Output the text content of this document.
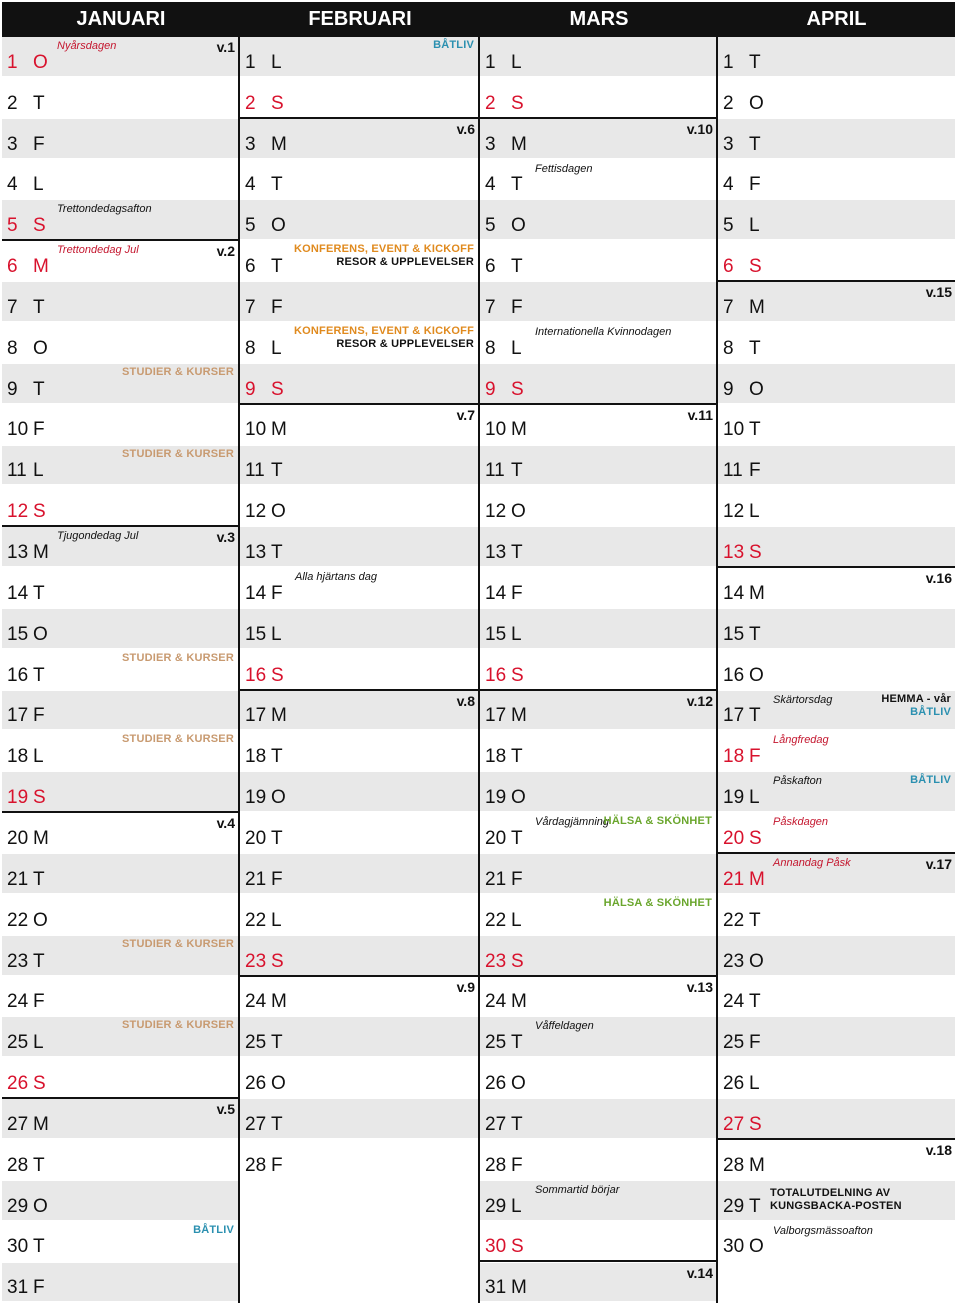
JANUARI
1 O
v.1
Nyårsdagen
2 T
3 F
4 L
5 S
Trettondedagsafton
6 M
v.2
Trettondedag Jul
7 T
8 O
9 T
STUDIER & KURSER
10 F
11 L
STUDIER & KURSER
12 S
13 M
v.3
Tjugondedag Jul
14 T
15 O
16 T
STUDIER & KURSER
17 F
18 L
STUDIER & KURSER
19 S
20 M
v.4
21 T
22 O
23 T
STUDIER & KURSER
24 F
25 L
STUDIER & KURSER
26 S
27 M
v.5
28 T
29 O
30 T
BÅTLIV
31 F
FEBRUARI
1 L
BÅTLIV
2 S
3 M
v.6
4 T
5 O
6 T
KONFERENS, EVENT & KICKOFF
RESOR & UPPLEVELSER
7 F
8 L
KONFERENS, EVENT & KICKOFF
RESOR & UPPLEVELSER
9 S
10 M
v.7
11 T
12 O
13 T
14 F
Alla hjärtans dag
15 L
16 S
17 M
v.8
18 T
19 O
20 T
21 F
22 L
23 S
24 M
v.9
25 T
26 O
27 T
28 F
MARS
1 L
2 S
3 M
v.10
4 T
Fettisdagen
5 O
6 T
7 F
8 L
Internationella Kvinnodagen
9 S
10 M
v.11
11 T
12 O
13 T
14 F
15 L
16 S
17 M
v.12
18 T
19 O
20 T
Vårdagjämning
HÄLSA & SKÖNHET
21 F
22 L
HÄLSA & SKÖNHET
23 S
24 M
v.13
25 T
Våffeldagen
26 O
27 T
28 F
29 L
Sommartid börjar
30 S
31 M
v.14
APRIL
1 T
2 O
3 T
4 F
5 L
6 S
7 M
v.15
8 T
9 O
10 T
11 F
12 L
13 S
14 M
v.16
15 T
16 O
17 T
Skärtorsdag	HEMMA - vår
BÅTLIV
18 F
Långfredag
19 L
Påskafton	BÅTLIV
20 S
Påskdagen
21 M
v.17
Annandag Påsk
22 T
23 O
24 T
25 F
26 L
27 S
28 M
v.18
29 T
TOTALUTDELNING AV
KUNGSBACKA-POSTEN
30 O
Valborgsmässoafton
